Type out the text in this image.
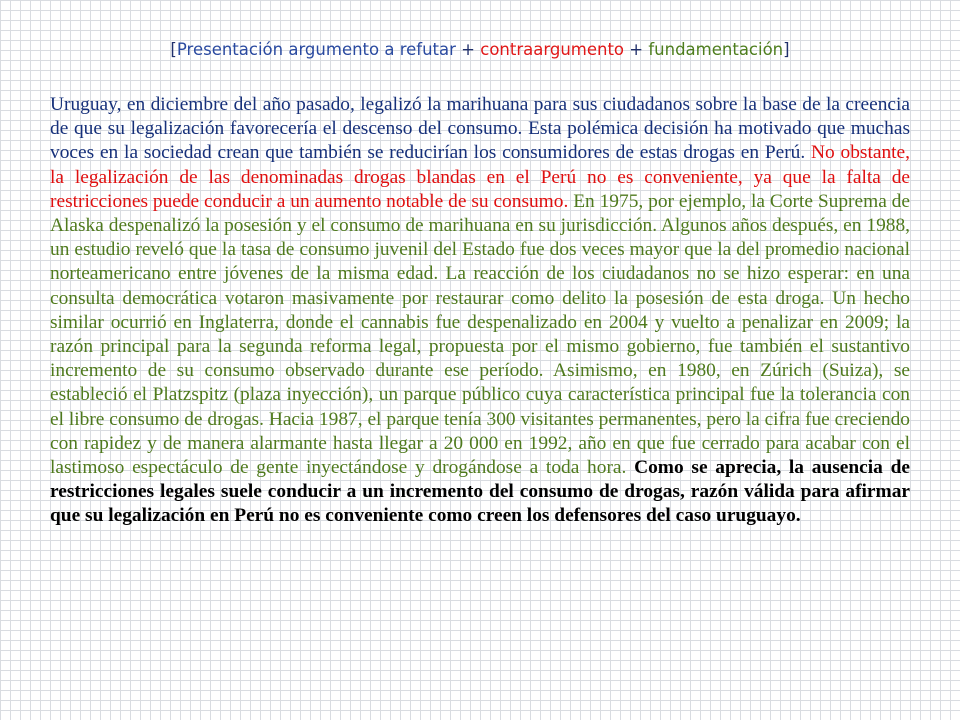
[Presentación argumento a refutar + contraargumento + fundamentación]

Uruguay, en diciembre del año pasado, legalizó la marihuana para sus ciudadanos sobre la base de la creencia de que su legalización favorecería el descenso del consumo. Esta polémica decisión ha motivado que muchas voces en la sociedad crean que también se reducirían los consumidores de estas drogas en Perú. No obstante, la legalización de las denominadas drogas blandas en el Perú no es conveniente, ya que la falta de restricciones puede conducir a un aumento notable de su consumo. En 1975, por ejemplo, la Corte Suprema de Alaska despenalizó la posesión y el consumo de marihuana en su jurisdicción. Algunos años después, en 1988, un estudio reveló que la tasa de consumo juvenil del Estado fue dos veces mayor que la del promedio nacional norteamericano entre jóvenes de la misma edad. La reacción de los ciudadanos no se hizo esperar: en una consulta democrática votaron masivamente por restaurar como delito la posesión de esta droga. Un hecho similar ocurrió en Inglaterra, donde el cannabis fue despenalizado en 2004 y vuelto a penalizar en 2009; la razón principal para la segunda reforma legal, propuesta por el mismo gobierno, fue también el sustantivo incremento de su consumo observado durante ese período. Asimismo, en 1980, en Zúrich (Suiza), se estableció el Platzspitz (plaza inyección), un parque público cuya característica principal fue la tolerancia con el libre consumo de drogas. Hacia 1987, el parque tenía 300 visitantes permanentes, pero la cifra fue creciendo con rapidez y de manera alarmante hasta llegar a 20 000 en 1992, año en que fue cerrado para acabar con el lastimoso espectáculo de gente inyectándose y drogándose a toda hora. Como se aprecia, la ausencia de restricciones legales suele conducir a un incremento del consumo de drogas, razón válida para afirmar que su legalización en Perú no es conveniente como creen los defensores del caso uruguayo.
